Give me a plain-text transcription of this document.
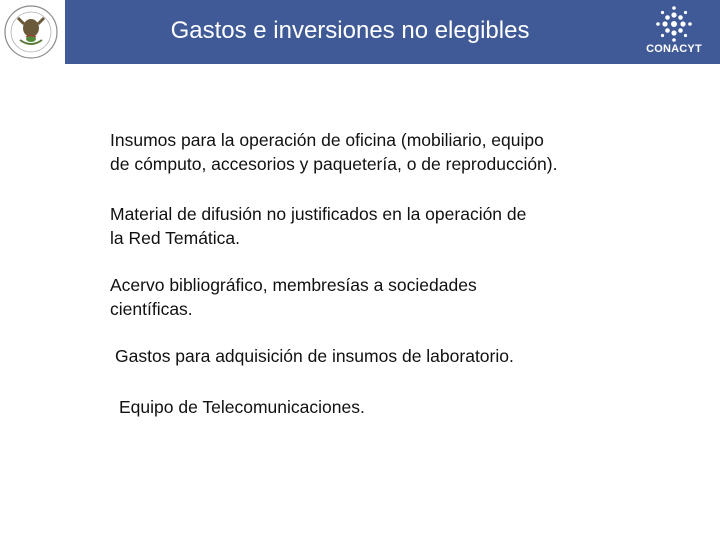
Gastos e inversiones no elegibles
CONACYT
Insumos para la operación de oficina (mobiliario, equipo
de cómputo, accesorios y paquetería, o de reproducción).
Material de difusión no justificados en la operación de
la Red Temática.
Acervo bibliográfico, membresías a sociedades
científicas.
Gastos para adquisición de insumos de laboratorio.
Equipo de Telecomunicaciones.
